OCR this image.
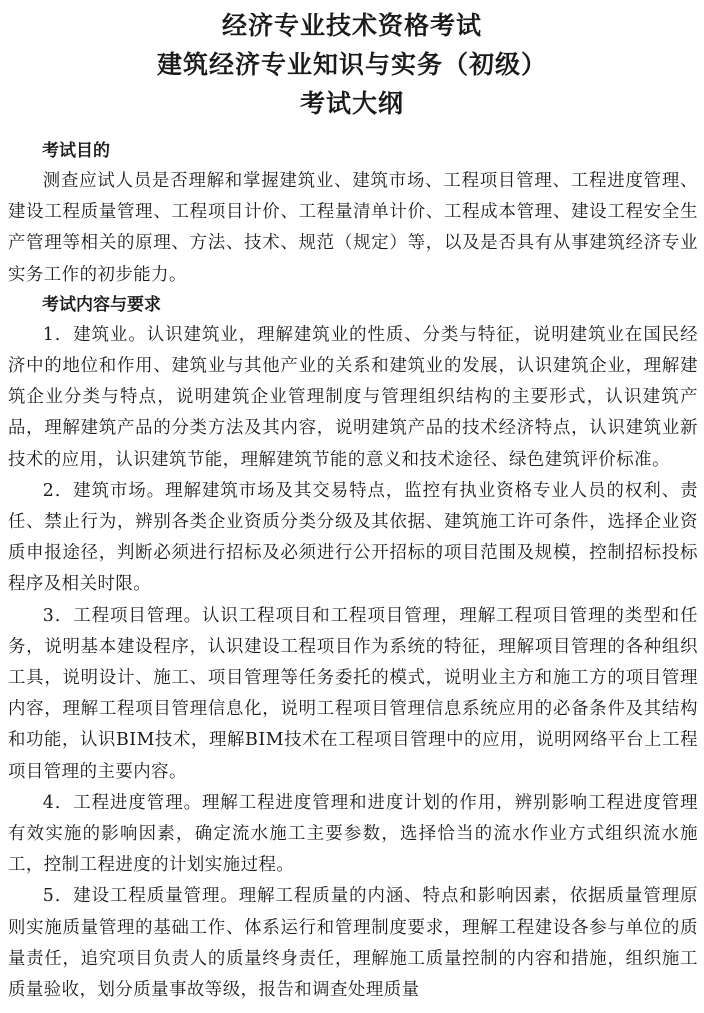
经济专业技术资格考试
建筑经济专业知识与实务（初级）
考试大纲
考试目的

测查应试人员是否理解和掌握建筑业、建筑市场、工程项目管理、工程进度管理、建设工程质量管理、工程项目计价、工程量清单计价、工程成本管理、建设工程安全生产管理等相关的原理、方法、技术、规范（规定）等，以及是否具有从事建筑经济专业实务工作的初步能力。

考试内容与要求

1．建筑业。认识建筑业，理解建筑业的性质、分类与特征，说明建筑业在国民经济中的地位和作用、建筑业与其他产业的关系和建筑业的发展，认识建筑企业，理解建筑企业分类与特点，说明建筑企业管理制度与管理组织结构的主要形式，认识建筑产品，理解建筑产品的分类方法及其内容，说明建筑产品的技术经济特点，认识建筑业新技术的应用，认识建筑节能，理解建筑节能的意义和技术途径、绿色建筑评价标准。

2．建筑市场。理解建筑市场及其交易特点，监控有执业资格专业人员的权利、责任、禁止行为，辨别各类企业资质分类分级及其依据、建筑施工许可条件，选择企业资质申报途径，判断必须进行招标及必须进行公开招标的项目范围及规模，控制招标投标程序及相关时限。

3．工程项目管理。认识工程项目和工程项目管理，理解工程项目管理的类型和任务，说明基本建设程序，认识建设工程项目作为系统的特征，理解项目管理的各种组织工具，说明设计、施工、项目管理等任务委托的模式，说明业主方和施工方的项目管理内容，理解工程项目管理信息化，说明工程项目管理信息系统应用的必备条件及其结构和功能，认识BIM技术，理解BIM技术在工程项目管理中的应用，说明网络平台上工程项目管理的主要内容。

4．工程进度管理。理解工程进度管理和进度计划的作用，辨别影响工程进度管理有效实施的影响因素，确定流水施工主要参数，选择恰当的流水作业方式组织流水施工，控制工程进度的计划实施过程。

5．建设工程质量管理。理解工程质量的内涵、特点和影响因素，依据质量管理原则实施质量管理的基础工作、体系运行和管理制度要求，理解工程建设各参与单位的质量责任，追究项目负责人的质量终身责任，理解施工质量控制的内容和措施，组织施工质量验收，划分质量事故等级，报告和调查处理质量
